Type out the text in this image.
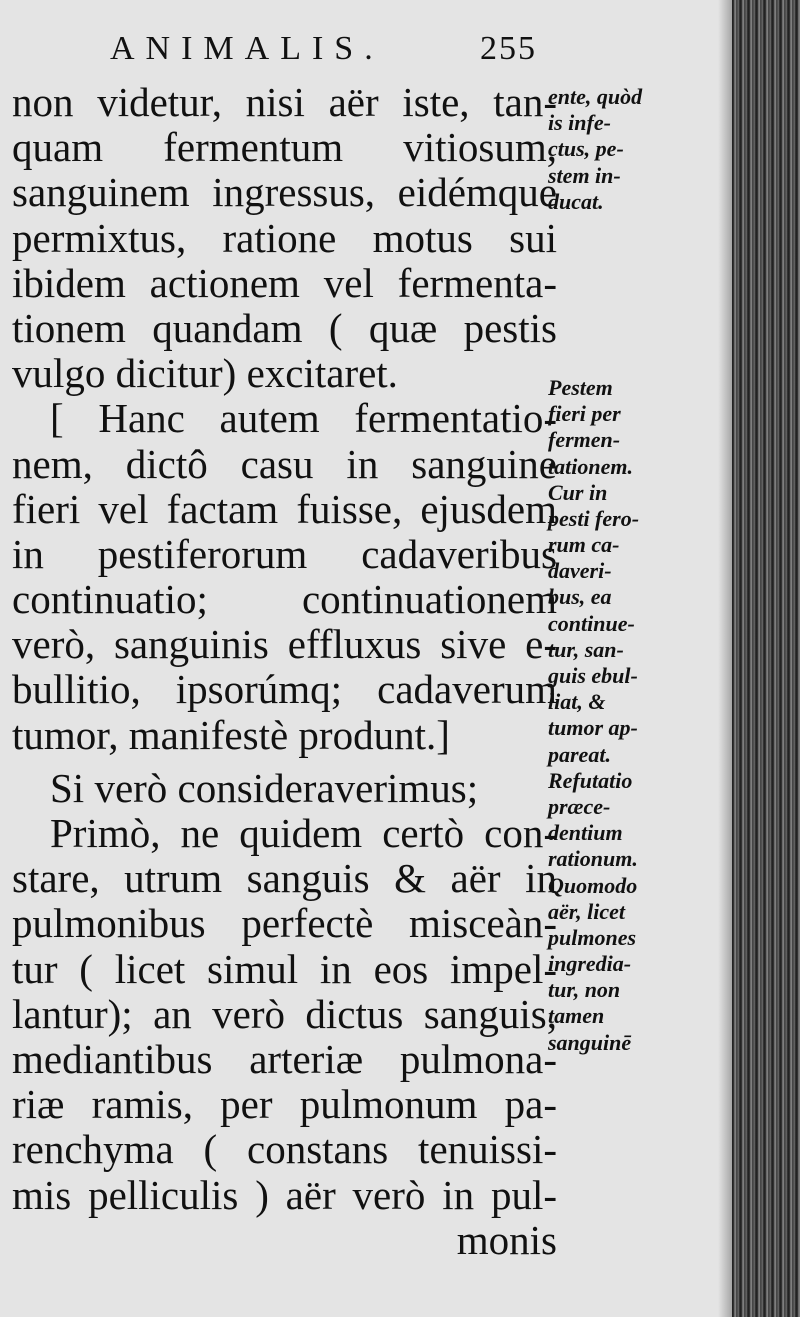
ANIMALIS.	255
non videtur, nisi aër iste, tan-
quam fermentum vitiosum,
sanguinem ingressus, eidémque
permixtus, ratione motus sui
ibidem actionem vel fermenta-
tionem quandam ( quæ pestis
vulgo dicitur) excitaret.
[ Hanc autem fermentatio-
nem, dictô casu in sanguine
fieri vel factam fuisse, ejusdem
in pestiferorum cadaveribus
continuatio; continuationem
verò, sanguinis effluxus sive e-
bullitio, ipsorúmq; cadaverum
tumor, manifestè produnt.]
Si verò consideraverimus;
Primò, ne quidem certò con-
stare, utrum sanguis & aër in
pulmonibus perfectè misceàn-
tur ( licet simul in eos impel-
lantur); an verò dictus sanguis,
mediantibus arteriæ pulmona-
riæ ramis, per pulmonum pa-
renchyma ( constans tenuissi-
mis pelliculis ) aër verò in pul-
monis
ente, quòd
is infe-
ctus, pe-
stem in-
ducat.
Pestem
fieri per
fermen-
tationem.
Cur in
pesti fero-
rum ca-
daveri-
bus, ea
continue-
tur, san-
guis ebul-
liat, &
tumor ap-
pareat.
Refutatio
præce-
dentium
rationum.
Quomodo
aër, licet
pulmones
ingredia-
tur, non
tamen
sanguinē
